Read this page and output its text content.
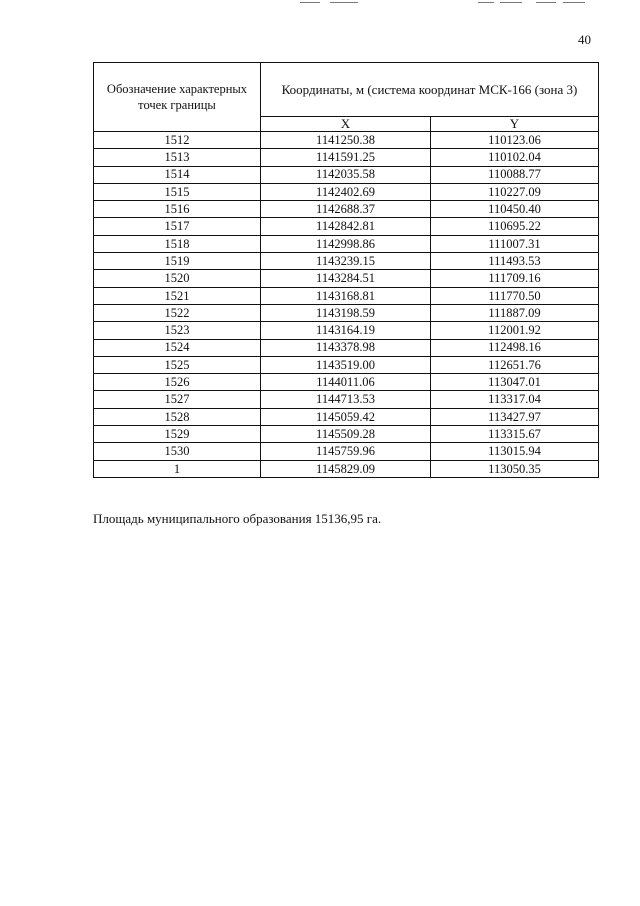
40
Обозначение характерных точек границы	Координаты, м (система координат МСК-166 (зона 3)	
	X	Y
1512	1141250.38	110123.06
1513	1141591.25	110102.04
1514	1142035.58	110088.77
1515	1142402.69	110227.09
1516	1142688.37	110450.40
1517	1142842.81	110695.22
1518	1142998.86	111007.31
1519	1143239.15	111493.53
1520	1143284.51	111709.16
1521	1143168.81	111770.50
1522	1143198.59	111887.09
1523	1143164.19	112001.92
1524	1143378.98	112498.16
1525	1143519.00	112651.76
1526	1144011.06	113047.01
1527	1144713.53	113317.04
1528	1145059.42	113427.97
1529	1145509.28	113315.67
1530	1145759.96	113015.94
1	1145829.09	113050.35
Площадь муниципального образования 15136,95 га.
